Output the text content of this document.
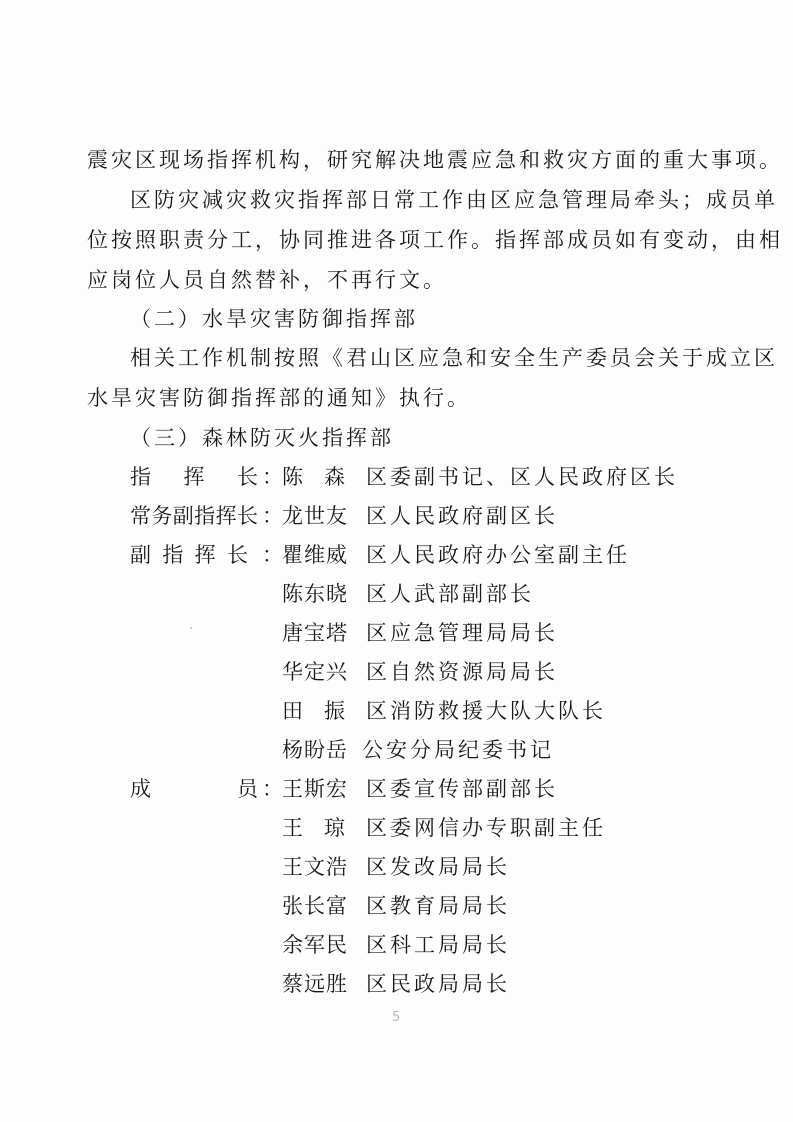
震灾区现场指挥机构，研究解决地震应急和救灾方面的重大事项。
区防灾减灾救灾指挥部日常工作由区应急管理局牵头；成员单
位按照职责分工，协同推进各项工作。指挥部成员如有变动，由相
应岗位人员自然替补，不再行文。
（二）水旱灾害防御指挥部
相关工作机制按照《君山区应急和安全生产委员会关于成立区
水旱灾害防御指挥部的通知》执行。
（三）森林防灭火指挥部
指 挥 长 ： 陈 森 区委副书记、区人民政府区长
常 务 副 指 挥 长 ： 龙 世 友 区人民政府副区长
副 指 挥 长 ： 瞿 维 威 区人民政府办公室副主任
陈 东 晓 区人武部副部长
唐 宝 塔 区应急管理局局长
华 定 兴 区自然资源局局长
田 振 区消防救援大队大队长
杨 盼 岳 公安分局纪委书记
成	员 ： 王 斯 宏 区委宣传部副部长
王 琼 区委网信办专职副主任
王 文 浩 区发改局局长
张 长 富 区教育局局长
余 军 民 区科工局局长
蔡 远 胜 区民政局局长
5
